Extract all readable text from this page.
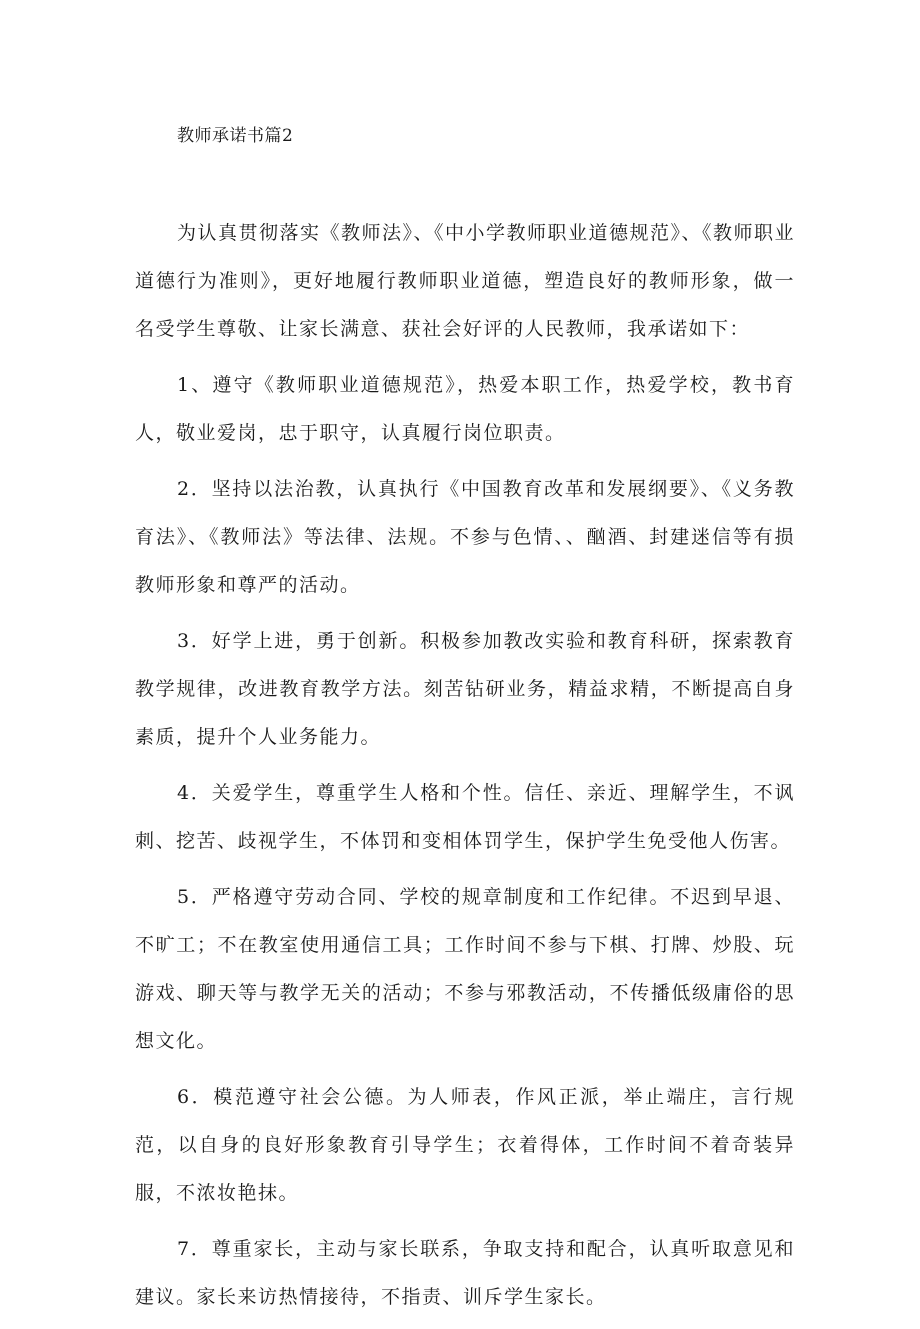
教师承诺书篇2

为认真贯彻落实《教师法》、《中小学教师职业道德规范》、《教师职业道德行为准则》，更好地履行教师职业道德，塑造良好的教师形象，做一名受学生尊敬、让家长满意、获社会好评的人民教师，我承诺如下：

1、遵守《教师职业道德规范》，热爱本职工作，热爱学校，教书育人，敬业爱岗，忠于职守，认真履行岗位职责。

2．坚持以法治教，认真执行《中国教育改革和发展纲要》、《义务教育法》、《教师法》等法律、法规。不参与色情、、酗酒、封建迷信等有损教师形象和尊严的活动。

3．好学上进，勇于创新。积极参加教改实验和教育科研，探索教育教学规律，改进教育教学方法。刻苦钻研业务，精益求精，不断提高自身素质，提升个人业务能力。

4．关爱学生，尊重学生人格和个性。信任、亲近、理解学生，不讽刺、挖苦、歧视学生，不体罚和变相体罚学生，保护学生免受他人伤害。

5．严格遵守劳动合同、学校的规章制度和工作纪律。不迟到早退、不旷工；不在教室使用通信工具；工作时间不参与下棋、打牌、炒股、玩游戏、聊天等与教学无关的活动；不参与邪教活动，不传播低级庸俗的思想文化。

6．模范遵守社会公德。为人师表，作风正派，举止端庄，言行规范，以自身的良好形象教育引导学生；衣着得体，工作时间不着奇装异服，不浓妆艳抹。

7．尊重家长，主动与家长联系，争取支持和配合，认真听取意见和建议。家长来访热情接待，不指责、训斥学生家长。
